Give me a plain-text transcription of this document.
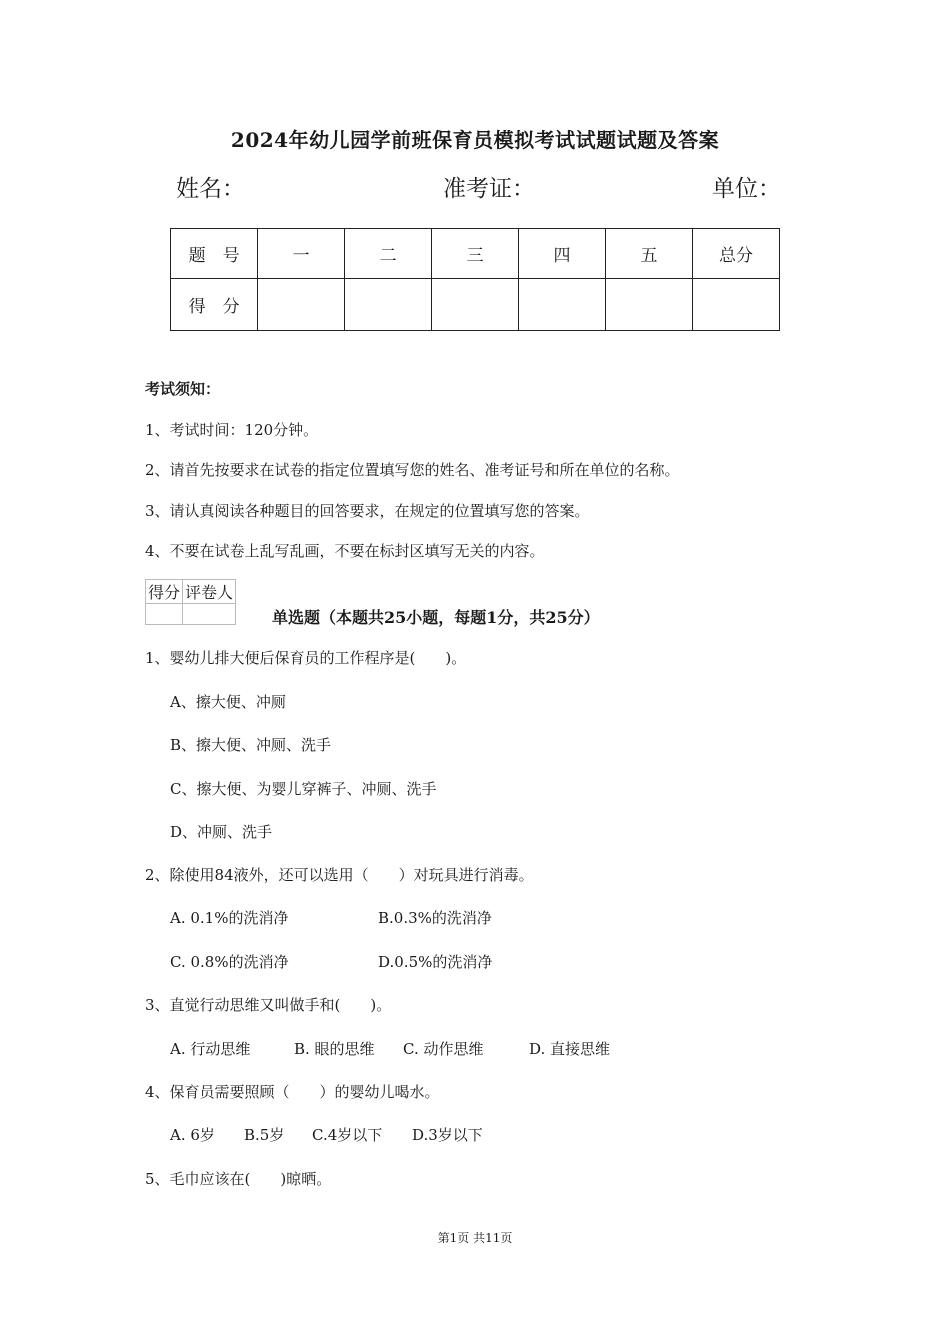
2024年幼儿园学前班保育员模拟考试试题试题及答案
姓名：	准考证：	单位：
题　号	一	二	三	四	五	总分
得　分						
考试须知：
1、考试时间：120分钟。
2、请首先按要求在试卷的指定位置填写您的姓名、准考证号和所在单位的名称。
3、请认真阅读各种题目的回答要求，在规定的位置填写您的答案。
4、不要在试卷上乱写乱画，不要在标封区填写无关的内容。
得分	评卷人

单选题（本题共25小题，每题1分，共25分）
1、婴幼儿排大便后保育员的工作程序是(　　)。
A、擦大便、冲厕
B、擦大便、冲厕、洗手
C、擦大便、为婴儿穿裤子、冲厕、洗手
D、冲厕、洗手
2、除使用84液外，还可以选用（　　）对玩具进行消毒。
A. 0.1%的洗消净	B.0.3%的洗消净
C. 0.8%的洗消净	D.0.5%的洗消净
3、直觉行动思维又叫做手和(　　)。
A. 行动思维	B. 眼的思维 C. 动作思维	D. 直接思维
4、保育员需要照顾（　　）的婴幼儿喝水。
A. 6岁 B.5岁 C.4岁以下 D.3岁以下
5、毛巾应该在(　　)晾晒。
第1页 共11页
